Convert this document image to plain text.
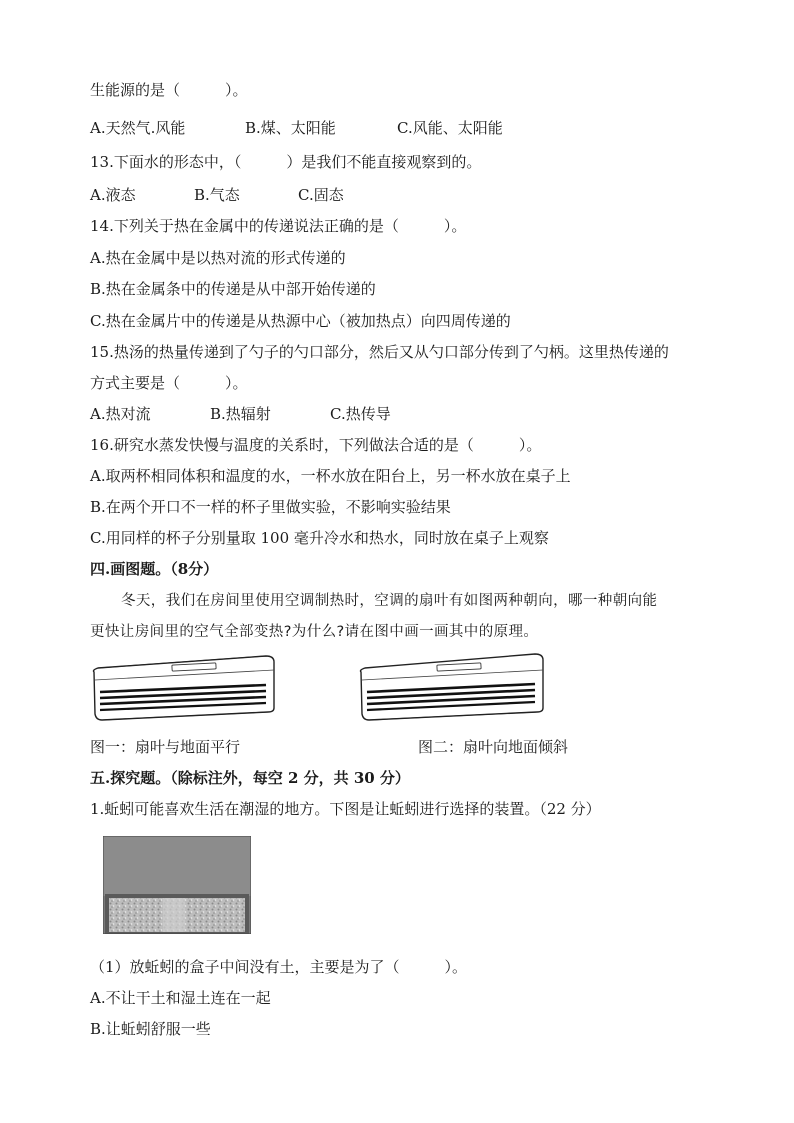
生能源的是（　　　）。
A.天然气.风能	B.煤、太阳能	C.风能、太阳能
13.下面水的形态中，（　　　）是我们不能直接观察到的。
A.液态	B.气态	C.固态
14.下列关于热在金属中的传递说法正确的是（　　　）。
A.热在金属中是以热对流的形式传递的
B.热在金属条中的传递是从中部开始传递的
C.热在金属片中的传递是从热源中心（被加热点）向四周传递的
15.热汤的热量传递到了勺子的勺口部分，然后又从勺口部分传到了勺柄。这里热传递的
方式主要是（　　　）。
A.热对流	B.热辐射	C.热传导
16.研究水蒸发快慢与温度的关系时，下列做法合适的是（　　　）。
A.取两杯相同体积和温度的水，一杯水放在阳台上，另一杯水放在桌子上
B.在两个开口不一样的杯子里做实验，不影响实验结果
C.用同样的杯子分别量取 100 毫升冷水和热水，同时放在桌子上观察
四.画图题。（8分）
冬天，我们在房间里使用空调制热时，空调的扇叶有如图两种朝向，哪一种朝向能
更快让房间里的空气全部变热?为什么?请在图中画一画其中的原理。
图一：扇叶与地面平行	图二：扇叶向地面倾斜
五.探究题。（除标注外，每空 2 分，共 30 分）
1.蚯蚓可能喜欢生活在潮湿的地方。下图是让蚯蚓进行选择的装置。（22 分）
（1）放蚯蚓的盒子中间没有土，主要是为了（　　　）。
A.不让干土和湿土连在一起
B.让蚯蚓舒服一些
